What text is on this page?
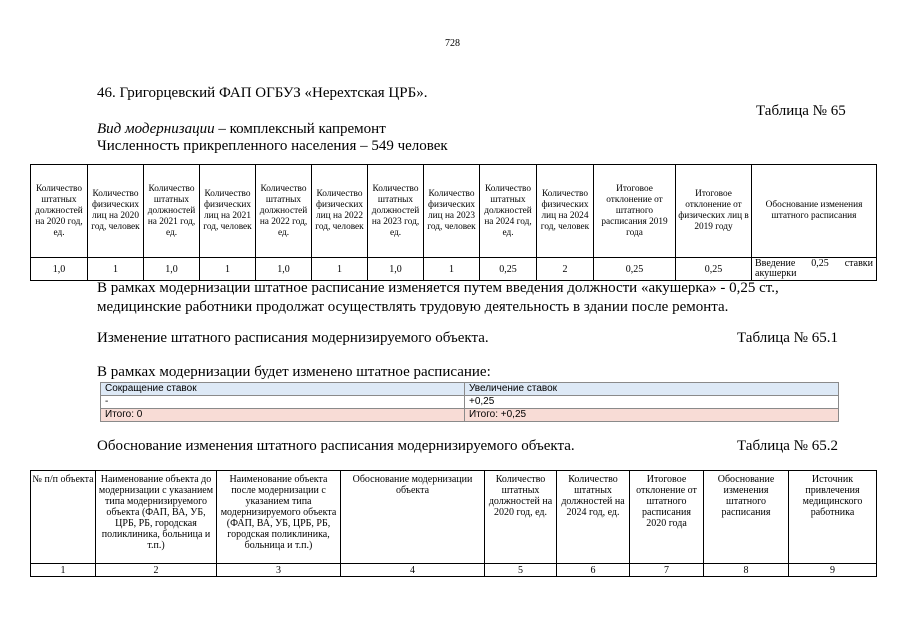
728
46. Григорцевский ФАП ОГБУЗ «Нерехтская ЦРБ».
Таблица № 65
Вид модернизации – комплексный капремонт
Численность прикрепленного населения – 549 человек
Количество штатных должностей на 2020 год, ед.	Количество физических лиц на 2020 год, человек	Количество штатных должностей на 2021 год, ед.	Количество физических лиц на 2021 год, человек	Количество штатных должностей на 2022 год, ед.	Количество физических лиц на 2022 год, человек	Количество штатных должностей на 2023 год, ед.	Количество физических лиц на 2023 год, человек	Количество штатных должностей на 2024 год, ед.	Количество физических лиц на 2024 год, человек	Итоговое отклонение от штатного расписания 2019 года	Итоговое отклонение от физических лиц в 2019 году	Обоснование изменения штатного расписания
1,0	1	1,0	1	1,0	1	1,0	1	0,25	2	0,25	0,25	Введение 0,25 ставки акушерки
В рамках модернизации штатное расписание изменяется путем введения должности «акушерка» - 0,25 ст., медицинские работники продолжат осуществлять трудовую деятельность в здании после ремонта.
Изменение штатного расписания модернизируемого объекта.	Таблица № 65.1
В рамках модернизации будет изменено штатное расписание:
Сокращение ставок	Увеличение ставок
-	+0,25
Итого: 0	Итого: +0,25
Обоснование изменения штатного расписания модернизируемого объекта.	Таблица № 65.2
№ п/п объекта	Наименование объекта до модернизации с указанием типа модернизируемого объекта (ФАП, ВА, УБ, ЦРБ, РБ, городская поликлиника, больница и т.п.)	Наименование объекта после модернизации с указанием типа модернизируемого объекта (ФАП, ВА, УБ, ЦРБ, РБ, городская поликлиника, больница и т.п.)	Обоснование модернизации объекта	Количество штатных должностей на 2020 год, ед.	Количество штатных должностей на 2024 год, ед.	Итоговое отклонение от штатного расписания 2020 года	Обоснование изменения штатного расписания	Источник привлечения медицинского работника
1	2	3	4	5	6	7	8	9
